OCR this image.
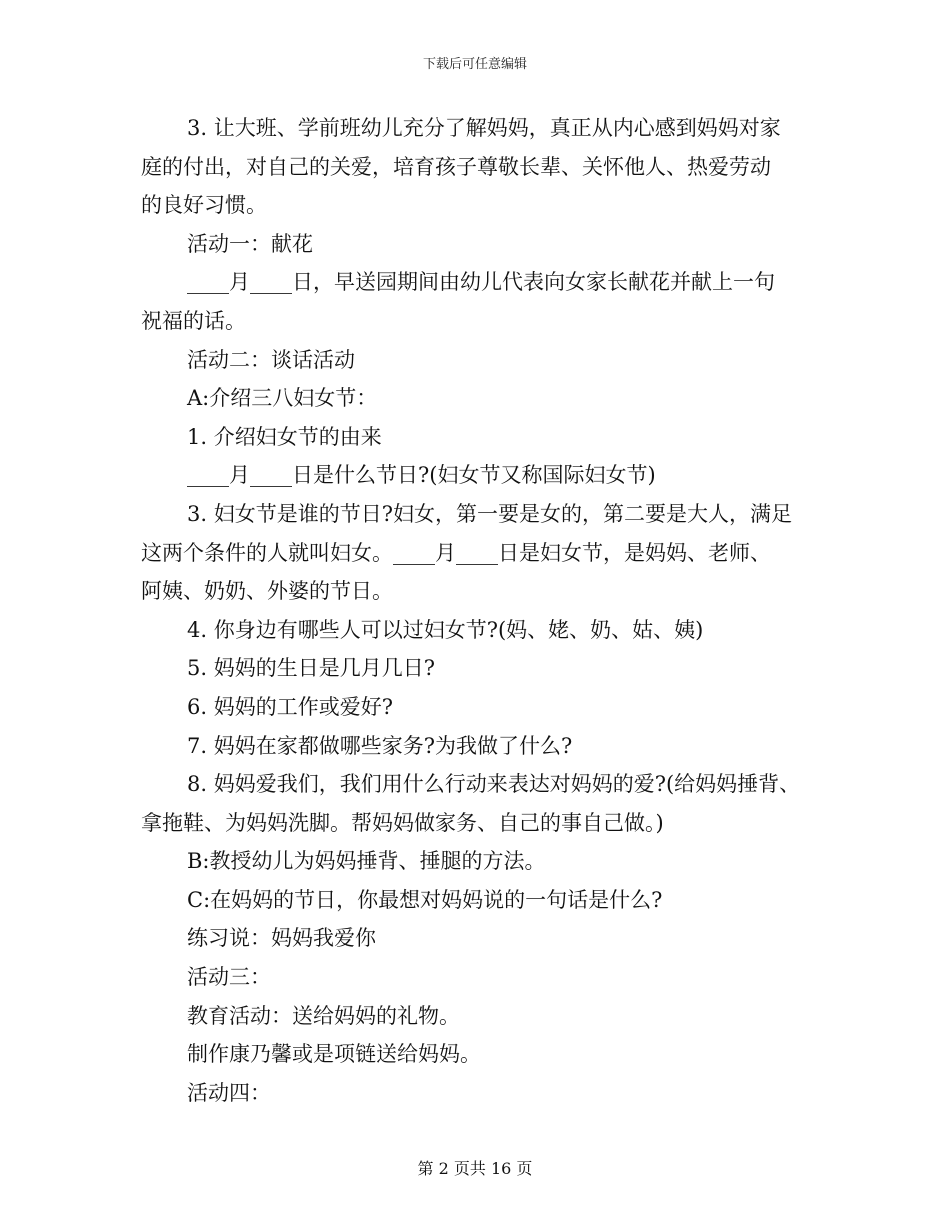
下载后可任意编辑
3. 让大班、学前班幼儿充分了解妈妈，真正从内心感到妈妈对家
庭的付出，对自己的关爱，培育孩子尊敬长辈、关怀他人、热爱劳动
的良好习惯。
活动一：献花
____月____日，早送园期间由幼儿代表向女家长献花并献上一句
祝福的话。
活动二：谈话活动
A:介绍三八妇女节：
1. 介绍妇女节的由来
____月____日是什么节日?(妇女节又称国际妇女节)
3. 妇女节是谁的节日?妇女，第一要是女的，第二要是大人，满足
这两个条件的人就叫妇女。____月____日是妇女节，是妈妈、老师、
阿姨、奶奶、外婆的节日。
4. 你身边有哪些人可以过妇女节?(妈、姥、奶、姑、姨)
5. 妈妈的生日是几月几日?
6. 妈妈的工作或爱好?
7. 妈妈在家都做哪些家务?为我做了什么?
8. 妈妈爱我们，我们用什么行动来表达对妈妈的爱?(给妈妈捶背、
拿拖鞋、为妈妈洗脚。帮妈妈做家务、自己的事自己做。)
B:教授幼儿为妈妈捶背、捶腿的方法。
C:在妈妈的节日，你最想对妈妈说的一句话是什么?
练习说：妈妈我爱你
活动三：
教育活动：送给妈妈的礼物。
制作康乃馨或是项链送给妈妈。
活动四：
第 2 页共 16 页
